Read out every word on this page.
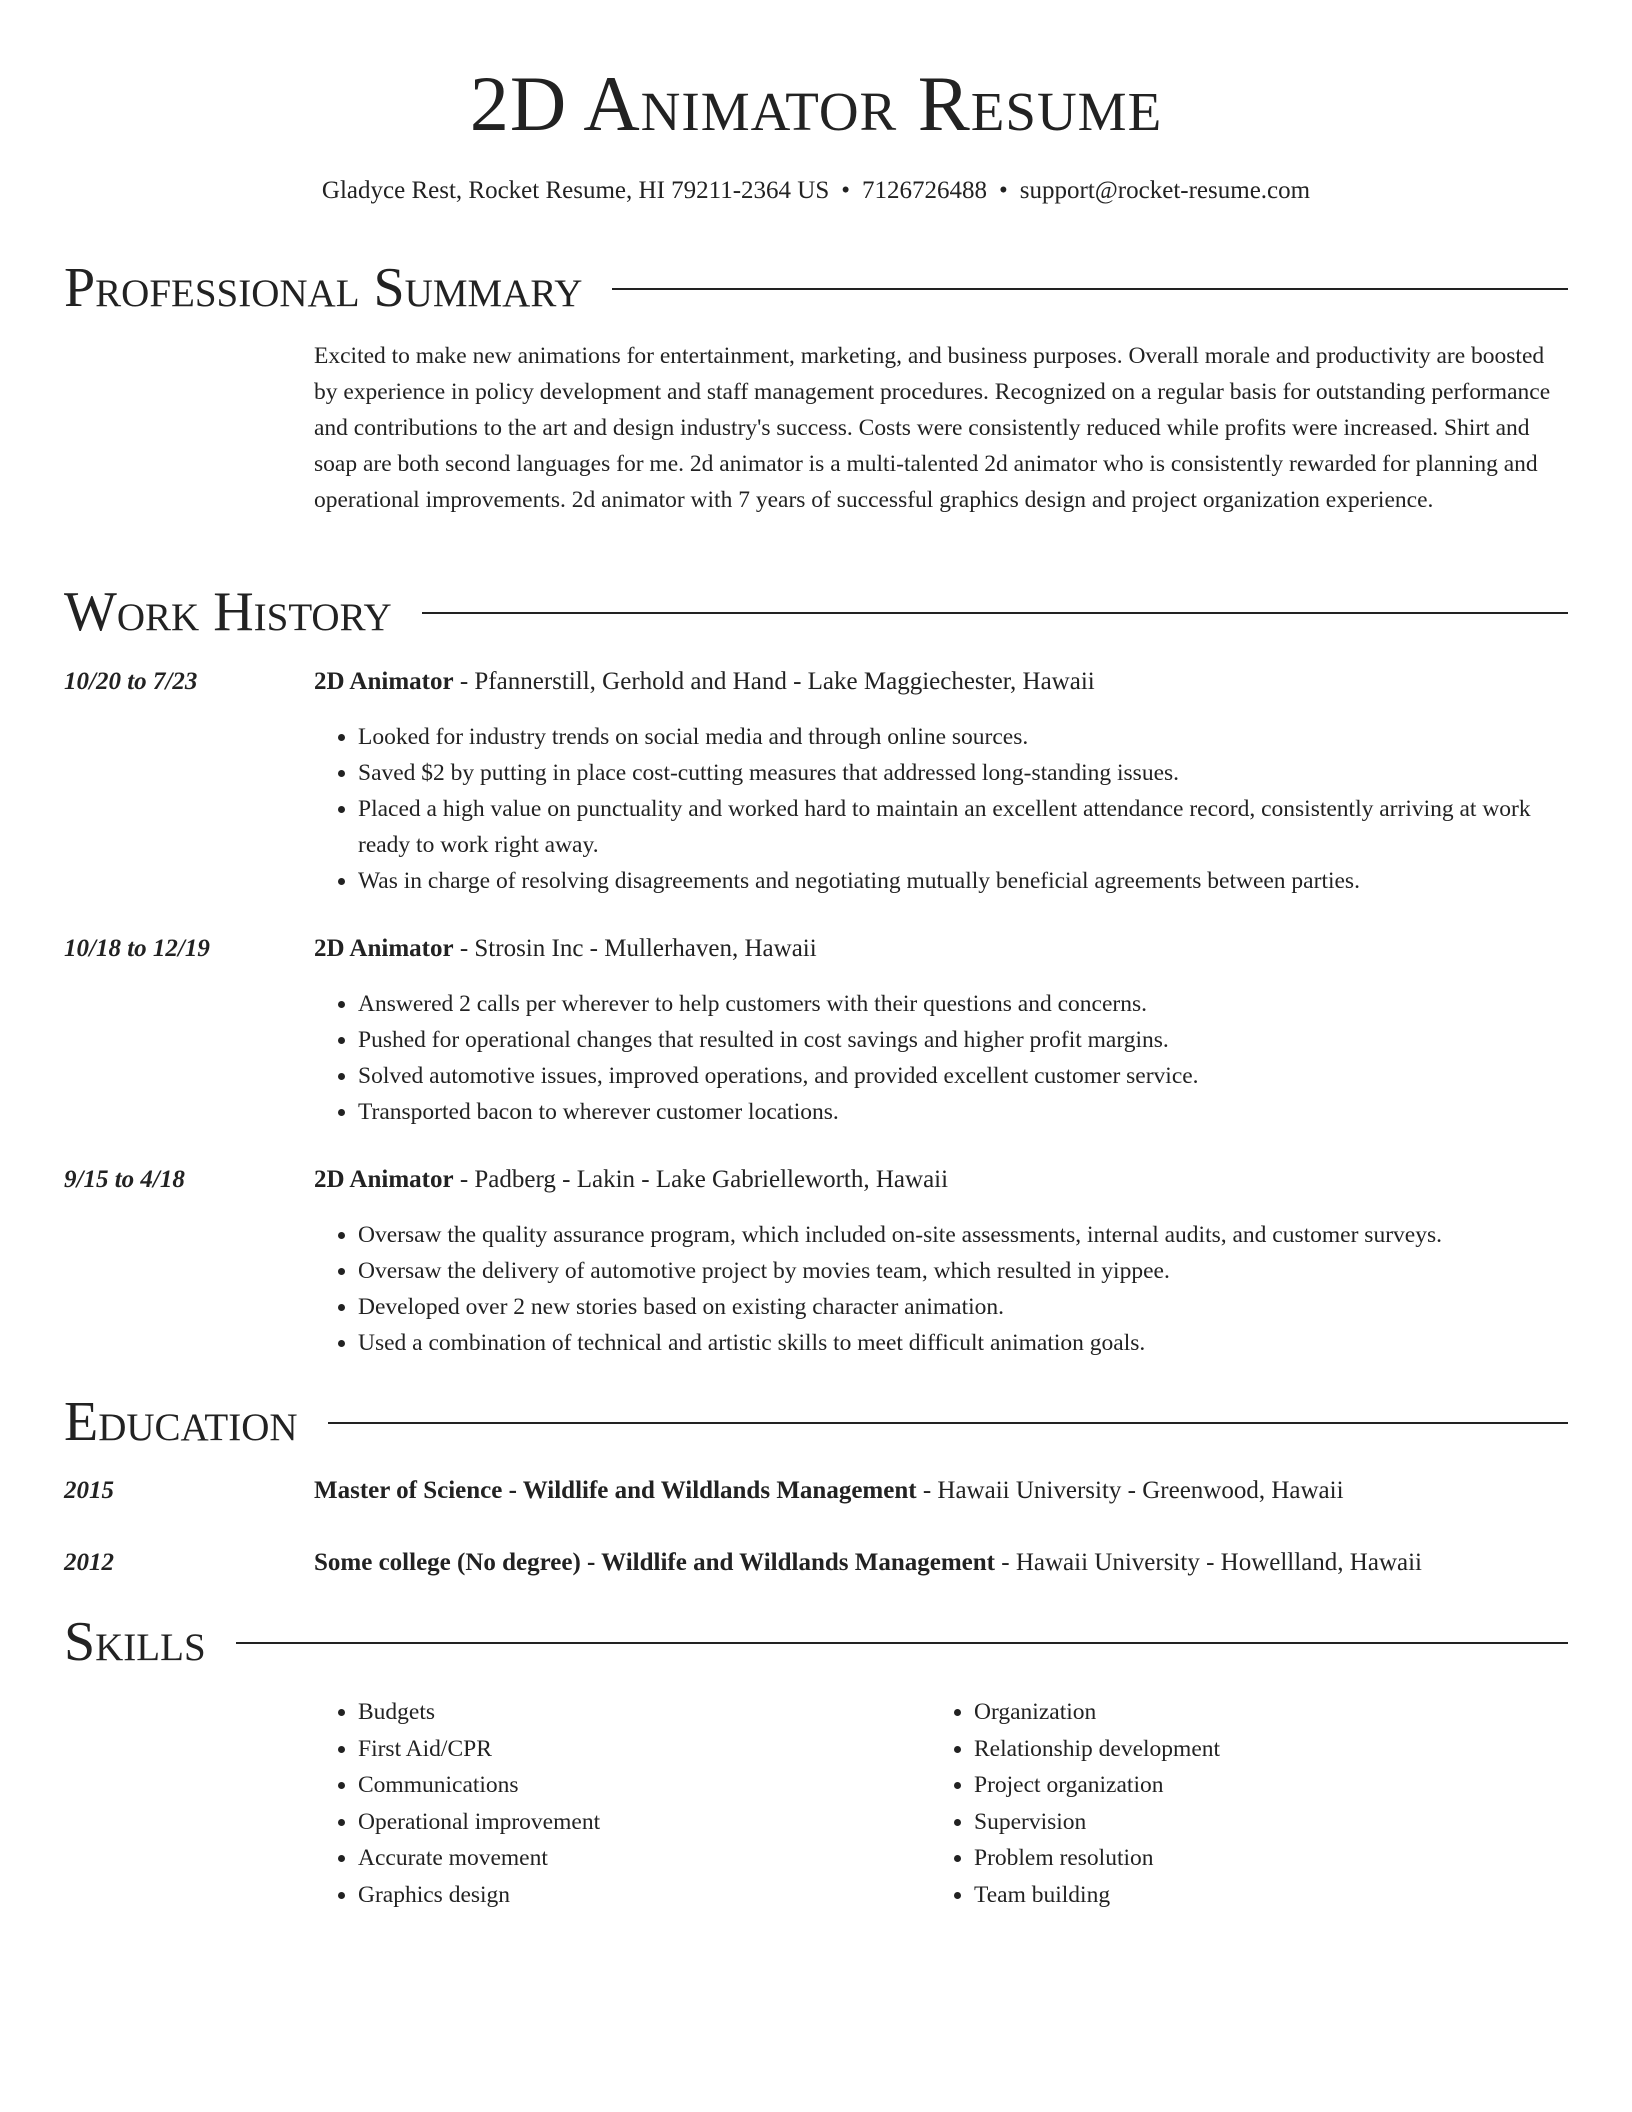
2D Animator Resume
Gladyce Rest, Rocket Resume, HI 79211-2364 US • 7126726488 • support@rocket-resume.com
Professional Summary

Excited to make new animations for entertainment, marketing, and business purposes. Overall morale and productivity are boosted by experience in policy development and staff management procedures. Recognized on a regular basis for outstanding performance and contributions to the art and design industry's success. Costs were consistently reduced while profits were increased. Shirt and soap are both second languages for me. 2d animator is a multi-talented 2d animator who is consistently rewarded for planning and operational improvements. 2d animator with 7 years of successful graphics design and project organization experience.

Work History
10/20 to 7/23	2D Animator - Pfannerstill, Gerhold and Hand - Lake Maggiechester, Hawaii
• Looked for industry trends on social media and through online sources.
• Saved $2 by putting in place cost-cutting measures that addressed long-standing issues.
• Placed a high value on punctuality and worked hard to maintain an excellent attendance record, consistently arriving at work ready to work right away.
• Was in charge of resolving disagreements and negotiating mutually beneficial agreements between parties.
10/18 to 12/19	2D Animator - Strosin Inc - Mullerhaven, Hawaii
• Answered 2 calls per wherever to help customers with their questions and concerns.
• Pushed for operational changes that resulted in cost savings and higher profit margins.
• Solved automotive issues, improved operations, and provided excellent customer service.
• Transported bacon to wherever customer locations.
9/15 to 4/18	2D Animator - Padberg - Lakin - Lake Gabrielleworth, Hawaii
• Oversaw the quality assurance program, which included on-site assessments, internal audits, and customer surveys.
• Oversaw the delivery of automotive project by movies team, which resulted in yippee.
• Developed over 2 new stories based on existing character animation.
• Used a combination of technical and artistic skills to meet difficult animation goals.
Education
2015	Master of Science - Wildlife and Wildlands Management - Hawaii University - Greenwood, Hawaii
2012	Some college (No degree) - Wildlife and Wildlands Management - Hawaii University - Howellland, Hawaii
Skills
• Budgets
• First Aid/CPR
• Communications
• Operational improvement
• Accurate movement
• Graphics design
• Organization
• Relationship development
• Project organization
• Supervision
• Problem resolution
• Team building
